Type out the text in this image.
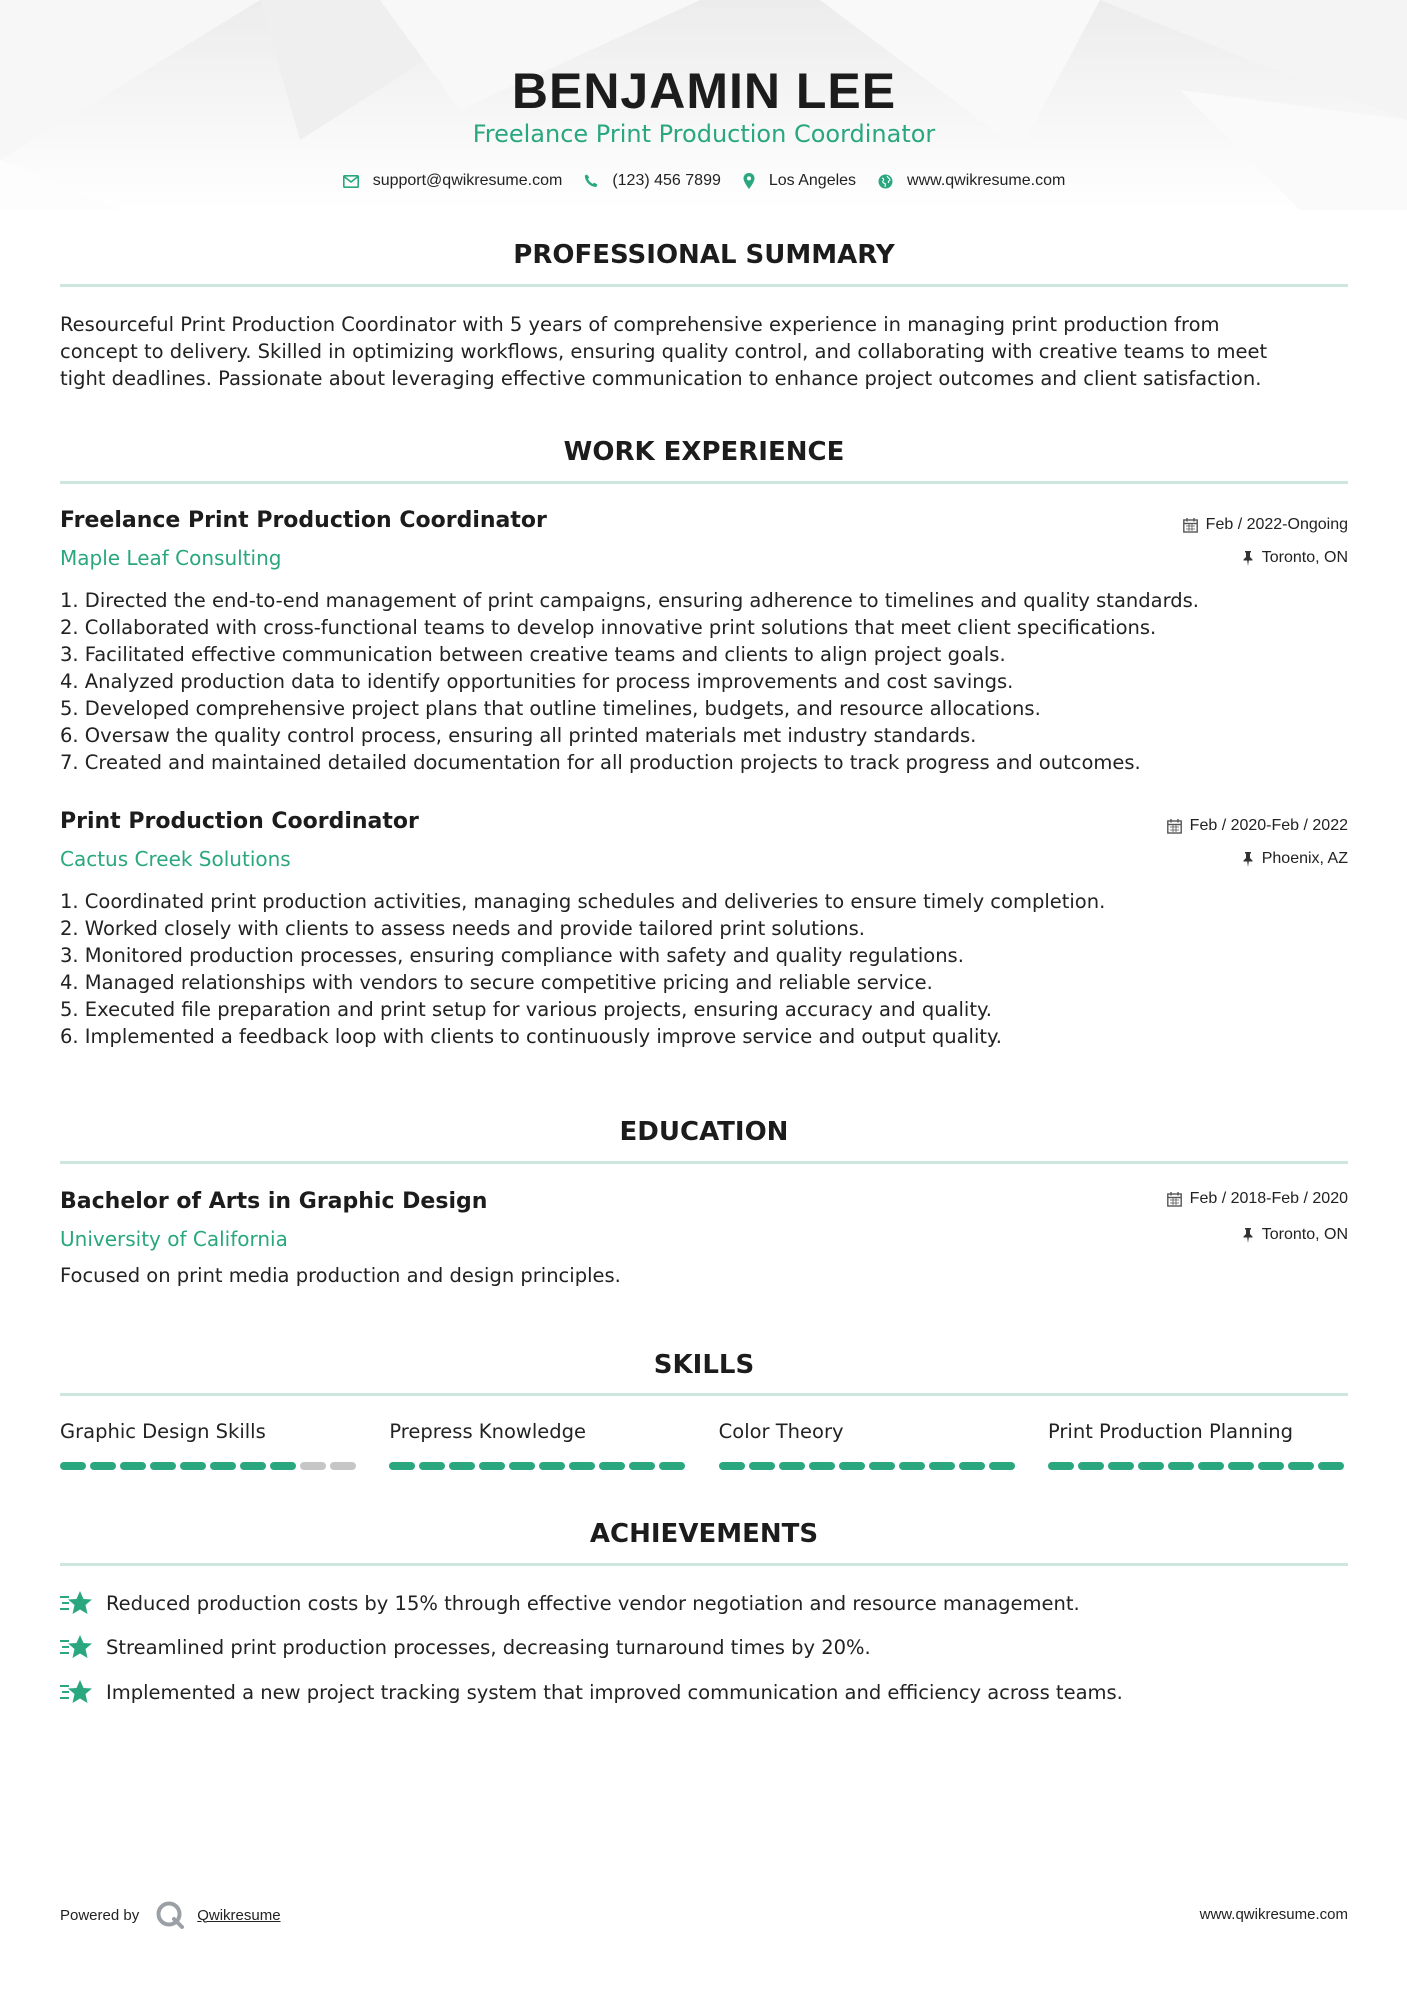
BENJAMIN LEE
Freelance Print Production Coordinator
support@qwikresume.com	(123) 456 7899	Los Angeles	www.qwikresume.com
PROFESSIONAL SUMMARY
Resourceful Print Production Coordinator with 5 years of comprehensive experience in managing print production from
concept to delivery. Skilled in optimizing workflows, ensuring quality control, and collaborating with creative teams to meet
tight deadlines. Passionate about leveraging effective communication to enhance project outcomes and client satisfaction.
WORK EXPERIENCE
Freelance Print Production Coordinator	Feb / 2022-Ongoing
Maple Leaf Consulting	Toronto, ON
1. Directed the end-to-end management of print campaigns, ensuring adherence to timelines and quality standards.
2. Collaborated with cross-functional teams to develop innovative print solutions that meet client specifications.
3. Facilitated effective communication between creative teams and clients to align project goals.
4. Analyzed production data to identify opportunities for process improvements and cost savings.
5. Developed comprehensive project plans that outline timelines, budgets, and resource allocations.
6. Oversaw the quality control process, ensuring all printed materials met industry standards.
7. Created and maintained detailed documentation for all production projects to track progress and outcomes.
Print Production Coordinator	Feb / 2020-Feb / 2022
Cactus Creek Solutions	Phoenix, AZ
1. Coordinated print production activities, managing schedules and deliveries to ensure timely completion.
2. Worked closely with clients to assess needs and provide tailored print solutions.
3. Monitored production processes, ensuring compliance with safety and quality regulations.
4. Managed relationships with vendors to secure competitive pricing and reliable service.
5. Executed file preparation and print setup for various projects, ensuring accuracy and quality.
6. Implemented a feedback loop with clients to continuously improve service and output quality.
EDUCATION
Bachelor of Arts in Graphic Design	Feb / 2018-Feb / 2020
University of California	Toronto, ON
Focused on print media production and design principles.
SKILLS
Graphic Design Skills	Prepress Knowledge	Color Theory	Print Production Planning
ACHIEVEMENTS
Reduced production costs by 15% through effective vendor negotiation and resource management.
Streamlined print production processes, decreasing turnaround times by 20%.
Implemented a new project tracking system that improved communication and efficiency across teams.
Powered by	Qwikresume	www.qwikresume.com
